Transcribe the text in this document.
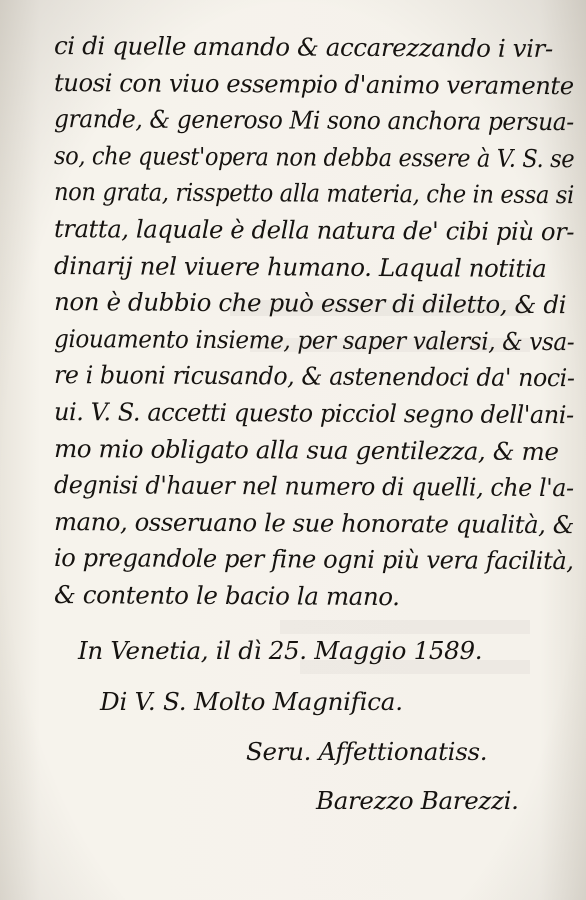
ci di quelle amando & accarezzando i vir-
tuosi con viuo essempio d'animo veramente
grande, & generoso Mi sono anchora persua-
so, che quest'opera non debba essere à V. S. se
non grata, risspetto alla materia, che in essa si
tratta, laquale è della natura de' cibi più or-
dinarij nel viuere humano. Laqual notitia
non è dubbio che può esser di diletto, & di
giouamento insieme, per saper valersi, & vsa-
re i buoni ricusando, & astenendoci da' noci-
ui. V. S. accetti questo picciol segno dell'ani-
mo mio obligato alla sua gentilezza, & me
degnisi d'hauer nel numero di quelli, che l'a-
mano, osseruano le sue honorate qualità, &
io pregandole per fine ogni più vera facilità,
& contento le bacio la mano.
In Venetia, il dì 25. Maggio 1589.
Di V. S. Molto Magnifica.
Seru. Affettionatiss.
Barezzo Barezzi.
